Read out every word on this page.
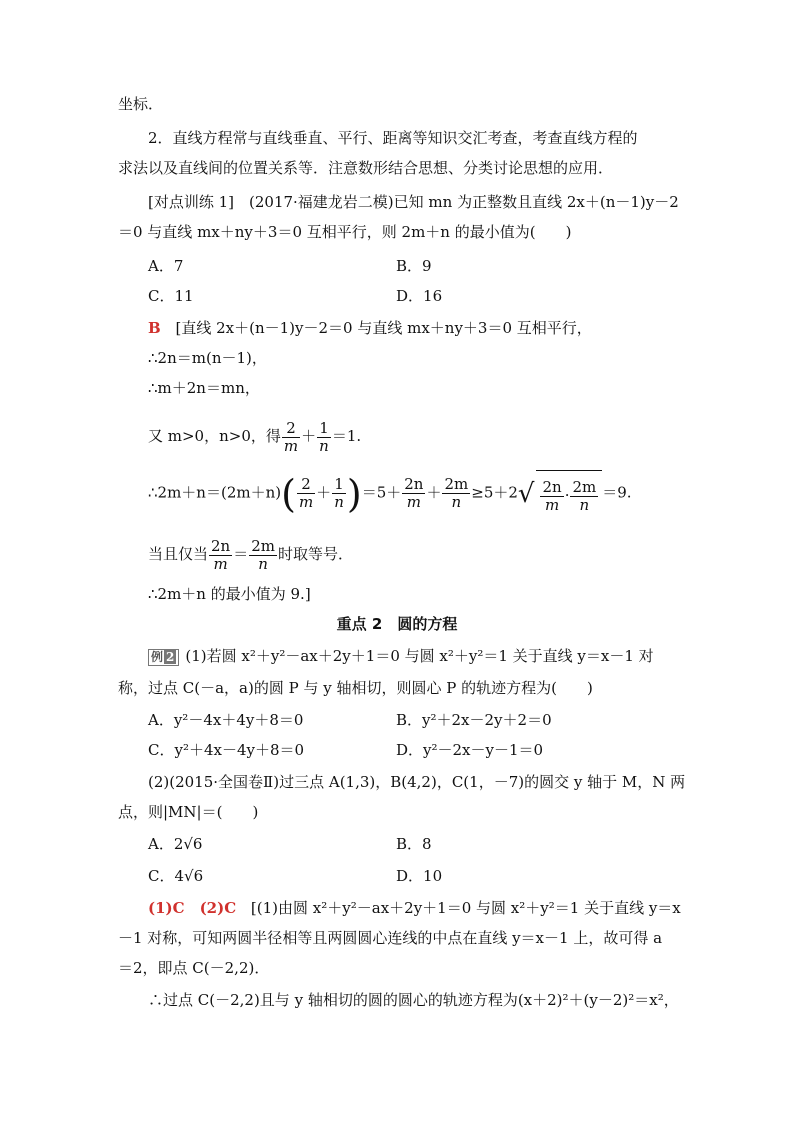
坐标．
2．直线方程常与直线垂直、平行、距离等知识交汇考查，考查直线方程的
求法以及直线间的位置关系等．注意数形结合思想、分类讨论思想的应用．
[对点训练 1]　(2017·福建龙岩二模)已知 mn 为正整数且直线 2x＋(n－1)y－2
＝0 与直线 mx＋ny＋3＝0 互相平行，则 2m＋n 的最小值为(　　)
A．7	B．9
C．11	D．16
B [直线 2x＋(n－1)y－2＝0 与直线 mx＋ny＋3＝0 互相平行，
∴2n＝m(n－1)，
∴m＋2n＝mn，
又 m>0，n>0，得 $\frac{2}{m} + \frac{1}{n} =1$.
∴2m＋n＝(2m＋n)( $\frac{2}{m} + \frac{1}{n} )=5+ \frac{2n}{m} + \frac{2m}{n} \ge 5+2√ \frac{2n}{m} \cdot \frac{2m}{n} =9$.
当且仅当 $\frac{2n}{m} = \frac{2m}{n}$ 时取等号．
∴2m＋n 的最小值为 9.]
重点 2　圆的方程
例 2 (1)若圆 x²＋y²－ax＋2y＋1＝0 与圆 x²＋y²＝1 关于直线 y＝x－1 对
称，过点 C(－a，a)的圆 P 与 y 轴相切，则圆心 P 的轨迹方程为(　　)
A．y²－4x＋4y＋8＝0	B．y²＋2x－2y＋2＝0
C．y²＋4x－4y＋8＝0	D．y²－2x－y－1＝0
(2)(2015·全国卷Ⅱ)过三点 A(1,3)，B(4,2)，C(1，－7)的圆交 y 轴于 M，N 两
点，则|MN|＝(　　)
A．2√6	B．8
C．4√6	D．10
(1)C　(2)C [(1)由圆 x²＋y²－ax＋2y＋1＝0 与圆 x²＋y²＝1 关于直线 y＝x
－1 对称，可知两圆半径相等且两圆圆心连线的中点在直线 y＝x－1 上，故可得 a
＝2，即点 C(－2,2)．
∴过点 C(－2,2)且与 y 轴相切的圆的圆心的轨迹方程为(x＋2)²＋(y－2)²＝x²，
